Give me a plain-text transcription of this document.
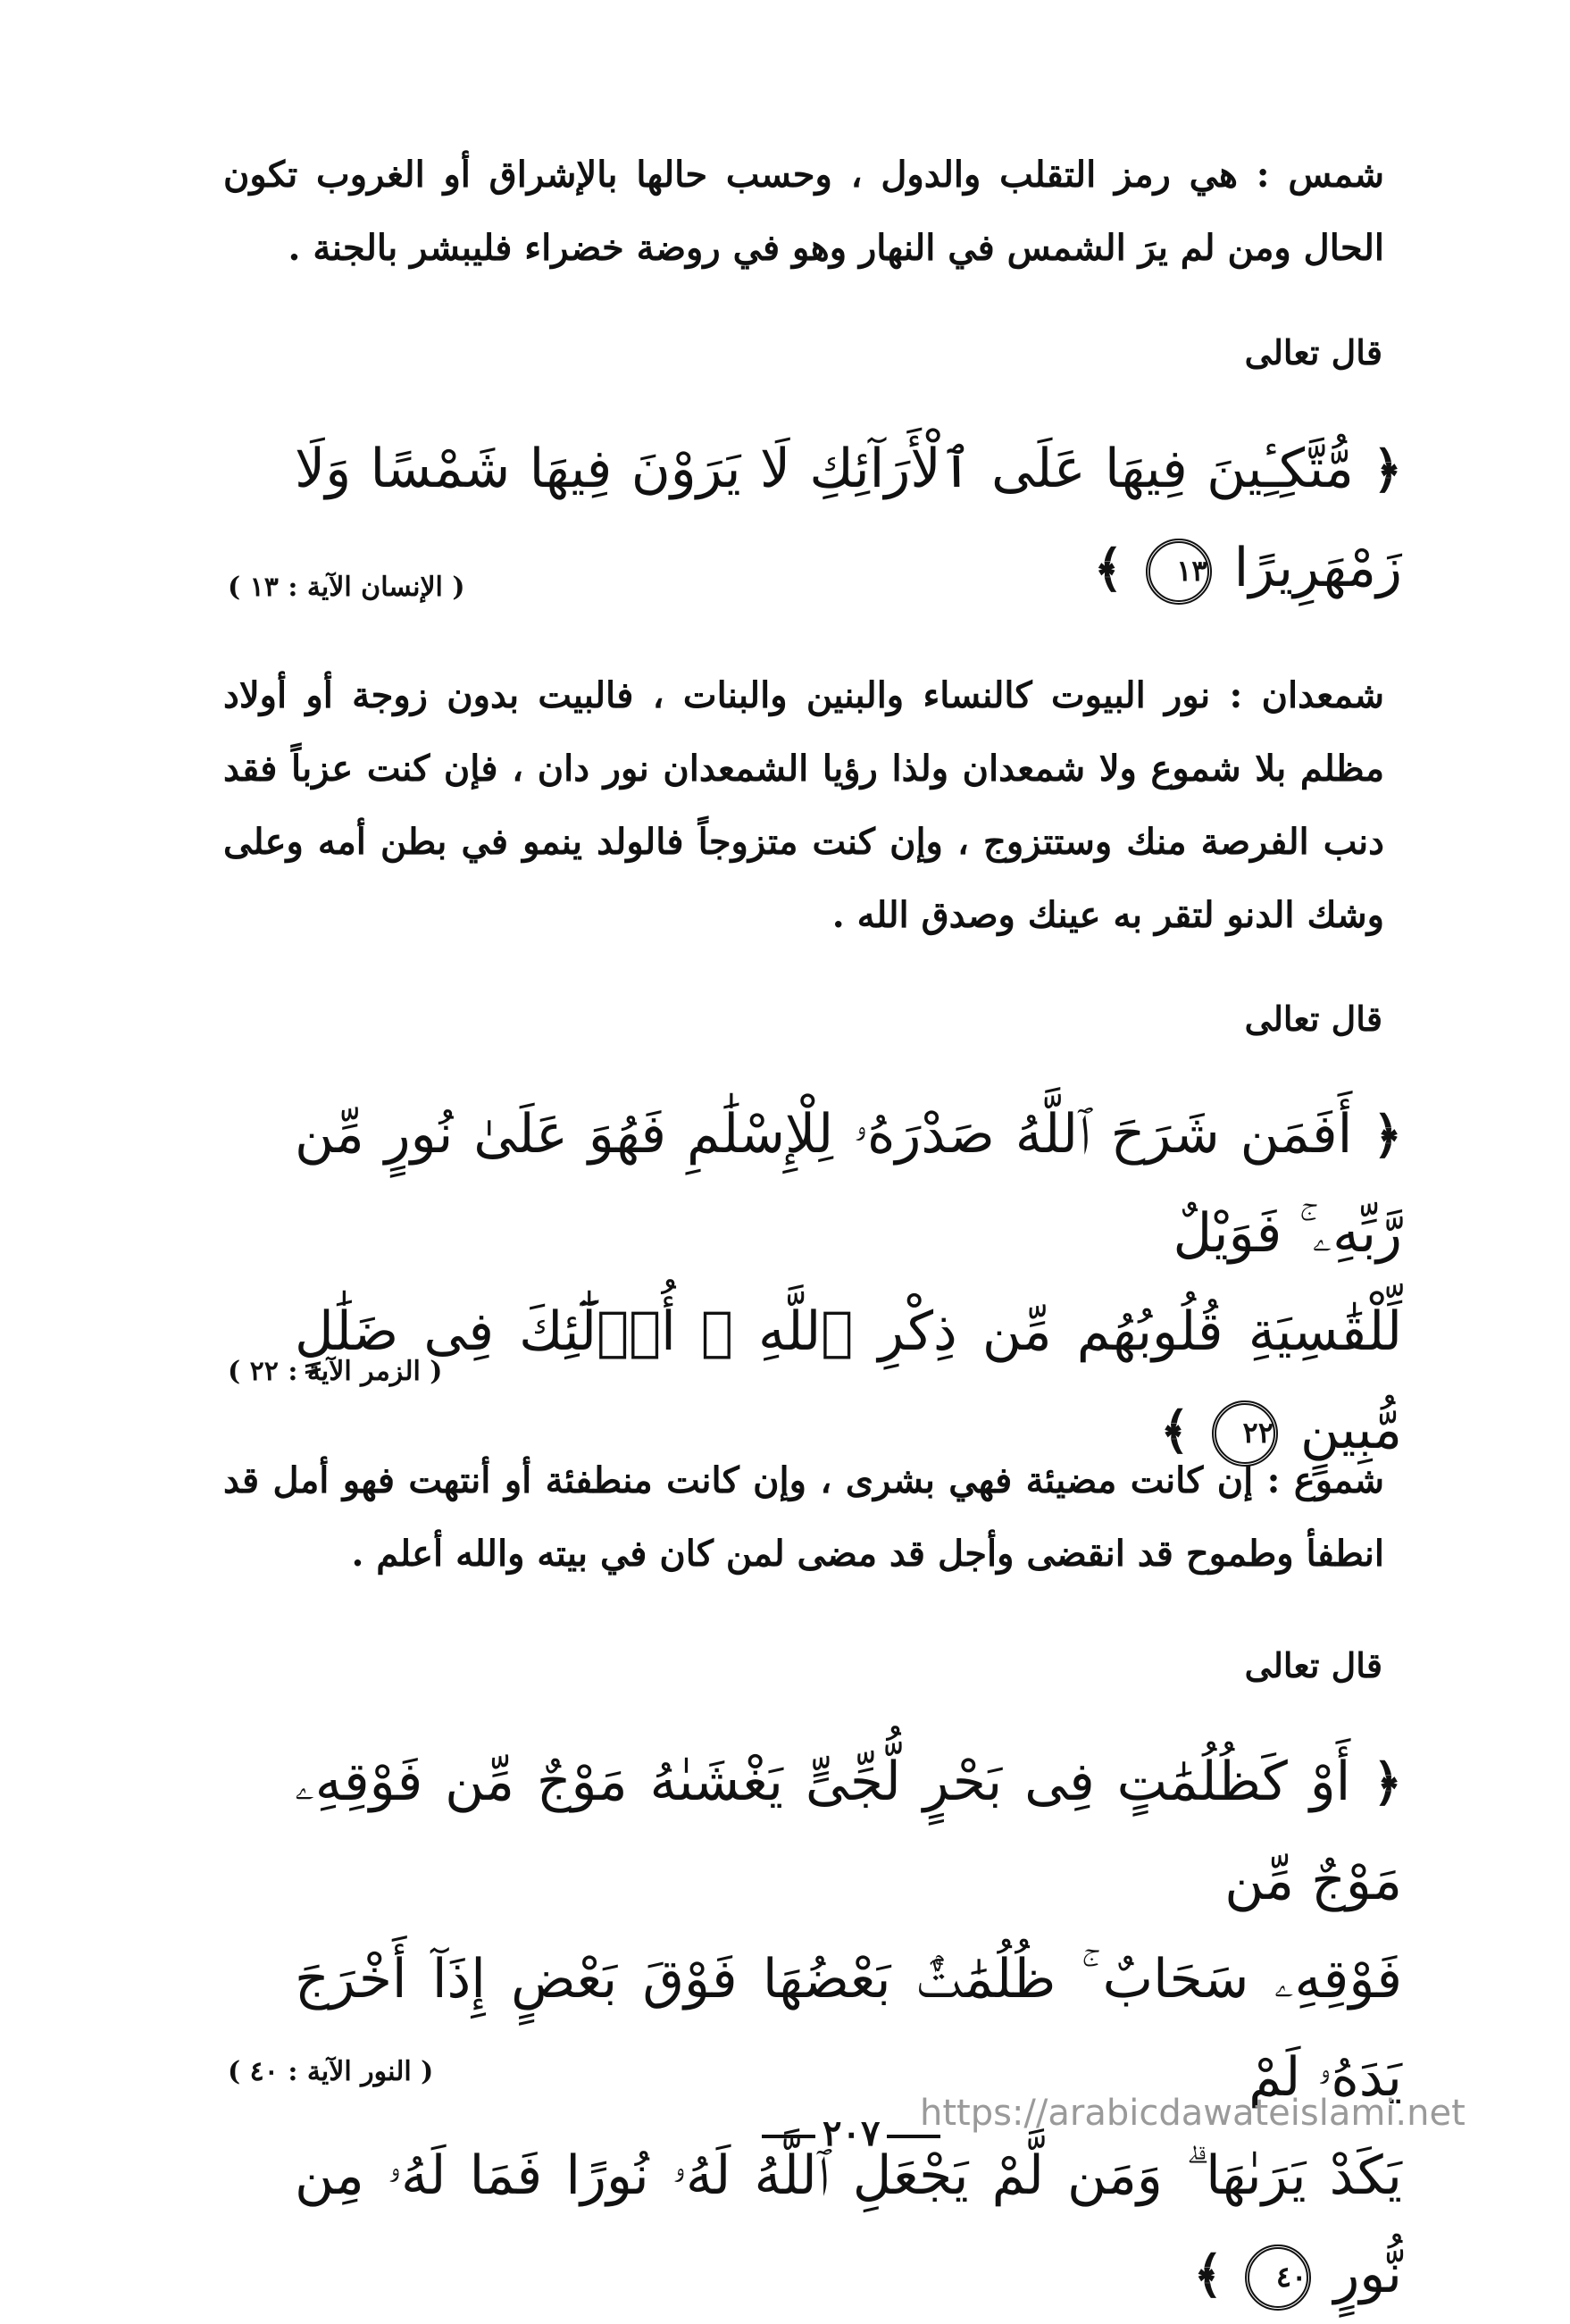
شمس : هي رمز التقلب والدول ، وحسب حالها بالإشراق أو الغروب تكون الحال ومن لم يرَ الشمس في النهار وهو في روضة خضراء فليبشر بالجنة .
قال تعالى
﴿ مُّتَّكِـِٔينَ فِيهَا عَلَى ٱلْأَرَآئِكِ لَا يَرَوْنَ فِيهَا شَمْسًا وَلَا زَمْهَرِيرًا ١٣ ﴾
( الإنسان الآية : ١٣ )
شمعدان : نور البيوت كالنساء والبنين والبنات ، فالبيت بدون زوجة أو أولاد مظلم بلا شموع ولا شمعدان ولذا رؤيا الشمعدان نور دان ، فإن كنت عزباً فقد دنب الفرصة منك وستتزوج ، وإن كنت متزوجاً فالولد ينمو في بطن أمه وعلى وشك الدنو لتقر به عينك وصدق الله .
قال تعالى
﴿ أَفَمَن شَرَحَ ٱللَّهُ صَدْرَهُۥ لِلْإِسْلَٰمِ فَهُوَ عَلَىٰ نُورٍ مِّن رَّبِّهِۦ ۚ فَوَيْلٌ
لِّلْقَٰسِيَةِ قُلُوبُهُم مِّن ذِكْرِ ٱللَّهِ ۚ أُو۟لَٰٓئِكَ فِى ضَلَٰلٍ مُّبِينٍ ٢٢ ﴾
( الزمر الآية : ٢٢ )
شموع : إن كانت مضيئة فهي بشرى ، وإن كانت منطفئة أو أنتهت فهو أمل قد انطفأ وطموح قد انقضى وأجل قد مضى لمن كان في بيته والله أعلم .
قال تعالى
﴿ أَوْ كَظُلُمَٰتٍ فِى بَحْرٍ لُّجِّىٍّ يَغْشَىٰهُ مَوْجٌ مِّن فَوْقِهِۦ مَوْجٌ مِّن
فَوْقِهِۦ سَحَابٌ ۚ ظُلُمَٰتٌۢ بَعْضُهَا فَوْقَ بَعْضٍ إِذَآ أَخْرَجَ يَدَهُۥ لَمْ
يَكَدْ يَرَىٰهَا ۗ وَمَن لَّمْ يَجْعَلِ ٱللَّهُ لَهُۥ نُورًا فَمَا لَهُۥ مِن نُّورٍ ٤٠ ﴾
( النور الآية : ٤٠ )
٢٠٧	https://arabicdawateislami.net
